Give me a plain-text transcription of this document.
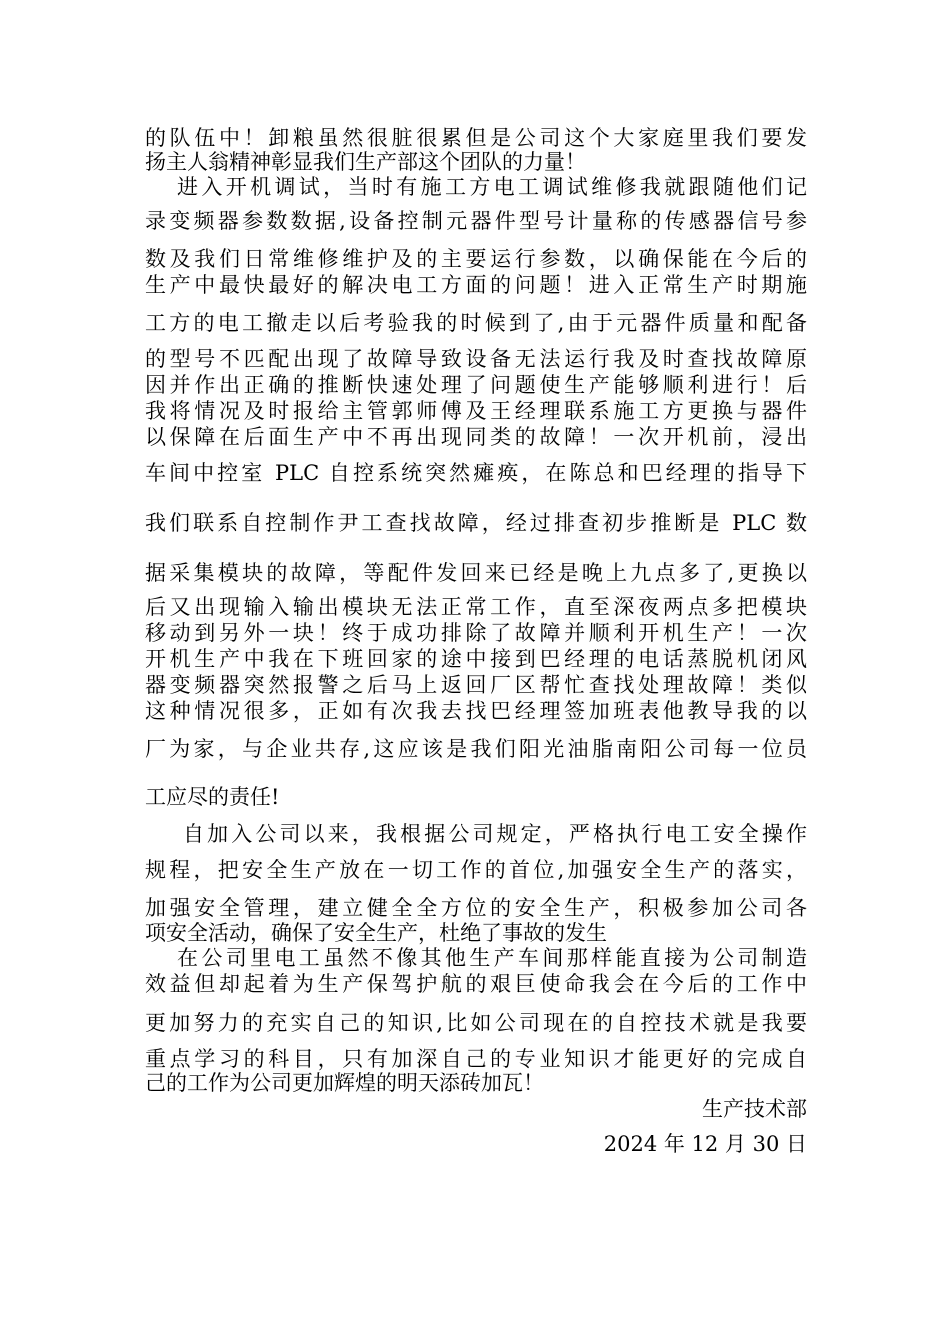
的队伍中！卸粮虽然很脏很累但是公司这个大家庭里我们要发
扬主人翁精神彰显我们生产部这个团队的力量！
进入开机调试，当时有施工方电工调试维修我就跟随他们记
录变频器参数数据,设备控制元器件型号计量称的传感器信号参
数及我们日常维修维护及的主要运行参数，以确保能在今后的
生产中最快最好的解决电工方面的问题！进入正常生产时期施
工方的电工撤走以后考验我的时候到了,由于元器件质量和配备
的型号不匹配出现了故障导致设备无法运行我及时查找故障原
因并作出正确的推断快速处理了问题使生产能够顺利进行！后
我将情况及时报给主管郭师傅及王经理联系施工方更换与器件
以保障在后面生产中不再出现同类的故障！一次开机前，浸出
车间中控室 PLC 自控系统突然瘫痪，在陈总和巴经理的指导下
我们联系自控制作尹工查找故障，经过排查初步推断是 PLC 数
据采集模块的故障，等配件发回来已经是晚上九点多了,更换以
后又出现输入输出模块无法正常工作，直至深夜两点多把模块
移动到另外一块！终于成功排除了故障并顺利开机生产！一次
开机生产中我在下班回家的途中接到巴经理的电话蒸脱机闭风
器变频器突然报警之后马上返回厂区帮忙查找处理故障！类似
这种情况很多，正如有次我去找巴经理签加班表他教导我的以
厂为家，与企业共存,这应该是我们阳光油脂南阳公司每一位员
工应尽的责任!
自加入公司以来，我根据公司规定，严格执行电工安全操作
规程，把安全生产放在一切工作的首位,加强安全生产的落实，
加强安全管理，建立健全全方位的安全生产，积极参加公司各
项安全活动，确保了安全生产，杜绝了事故的发生
在公司里电工虽然不像其他生产车间那样能直接为公司制造
效益但却起着为生产保驾护航的艰巨使命我会在今后的工作中
更加努力的充实自己的知识,比如公司现在的自控技术就是我要
重点学习的科目，只有加深自己的专业知识才能更好的完成自
己的工作为公司更加辉煌的明天添砖加瓦！
生产技术部
2024 年 12 月 30 日
